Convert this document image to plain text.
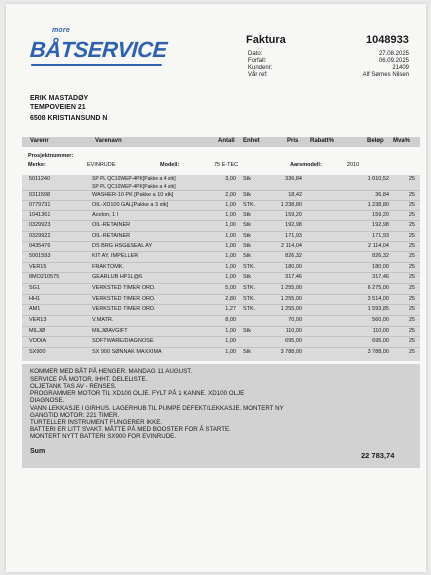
more
BÅTSERVICE	Faktura	1048933
Dato:	27.08.2025
Forfall:	06.09.2025
Kundenr:	21409
Vår ref:	Alf Sørnes Nilsen
ERIK MASTADØY
TEMPOVEIEN 21
6508 KRISTIANSUND N
Varenr	Varenavn	Antall Enhet	Pris Rabatt%	Beløp Mva%
Prosjektnummer:
Merke:	EVINRUDE	Modell:	75 E-TEC	Aarsmodell:	2010
5011240	SP PL QC10WEP-4PK[Pakke a 4 stk]	3,00 Stk	336,84	1 010,52	25
SP PL QC10WEP-4PK[Pakke a 4 stk]
0311598	WASHER-10 PK [Pakke a 10 stk]	2,00 Stk	18,42	36,84	25
0779731	OIL-XD100 GAL[Pakke a 3 stk]	1,00 STK.	1 238,80	1 238,80	25
1041361	Aceton, 1 l	1,00 Stk	159,20	159,20	25
0329923	OIL-RETAINER	1,00 Stk	192,98	192,98	25
0329922	OIL-RETAINER	1,00 Stk	171,93	171,93	25
0435476	DS BRG HSG&SEAL AY	1,00 Stk	2 114,04	2 114,04	25
5001593	KIT AY, IMPELLER	1,00 Stk	826,32	826,32	25
VER15	FRAKTOMK.	1,00 STK.	180,00	180,00	25
8MO210575	GEARLUB HP1L@6	1,00 Stk	317,46	317,46	25
SG1	VERKSTED TIMER ORD.	5,00 STK.	1 255,00	6 275,00	25
HH1	VERKSTED TIMER ORD.	2,80 STK.	1 255,00	3 514,00	25
AM1	VERKSTED TIMER ORD.	1,27 STK.	1 255,00	1 593,85	25
VER13	V.MATR.	8,00	70,00	560,00	25
MILJØ	MILJØAVGIFT	1,00 Stk	110,00	110,00	25
VODIA	SOFTWARE/DIAGNOSE	1,00	695,00	695,00	25
SX900	SX 900 SØNNAK MAXXIMA	1,00 Stk	3 788,00	3 788,00	25
KOMMER MED BÅT PÅ HENGER. MANDAG 11 AUGUST.
SERVICE PÅ MOTOR. IHHT. DELELISTE.
OLJETANK TAS AV - RENSES.
PROGRAMMER MOTOR TIL XD100 OLJE. FYLT PÅ 1 KANNE. XD100 OLJE
DIAGNOSE.
VANN LEKKASJE I GIRHUS. LAGERHUB TIL PUMPE DEFEKT/LEKKASJE. MONTERT NY
GANGTID MOTOR: 221 TIMER.
TURTELLER INSTRUMENT FUNGERER IKKE.
BATTERI ER LITT SVAKT. MÅTTE PÅ MED BOOSTER FOR Å STARTE.
MONTERT NYTT BATTERI SX900 FOR EVINRUDE.
Sum	22 783,74
